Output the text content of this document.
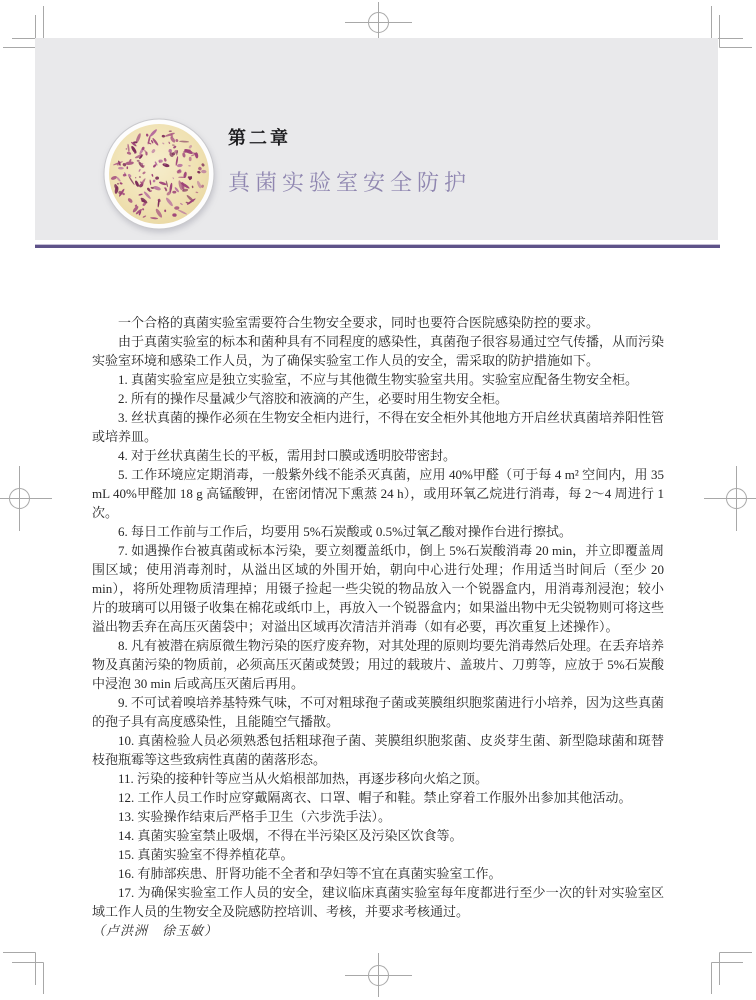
第二章
真菌实验室安全防护

一个合格的真菌实验室需要符合生物安全要求，同时也要符合医院感染防控的要求。

由于真菌实验室的标本和菌种具有不同程度的感染性，真菌孢子很容易通过空气传播，从而污染实验室环境和感染工作人员，为了确保实验室工作人员的安全，需采取的防护措施如下。

1. 真菌实验室应是独立实验室，不应与其他微生物实验室共用。实验室应配备生物安全柜。

2. 所有的操作尽量减少气溶胶和液滴的产生，必要时用生物安全柜。

3. 丝状真菌的操作必须在生物安全柜内进行，不得在安全柜外其他地方开启丝状真菌培养阳性管或培养皿。

4. 对于丝状真菌生长的平板，需用封口膜或透明胶带密封。

5. 工作环境应定期消毒，一般紫外线不能杀灭真菌，应用 40%甲醛（可于每 4 m² 空间内，用 35 mL 40%甲醛加 18 g 高锰酸钾，在密闭情况下熏蒸 24 h），或用环氧乙烷进行消毒，每 2～4 周进行 1 次。

6. 每日工作前与工作后，均要用 5%石炭酸或 0.5%过氧乙酸对操作台进行擦拭。

7. 如遇操作台被真菌或标本污染，要立刻覆盖纸巾，倒上 5%石炭酸消毒 20 min，并立即覆盖周围区域；使用消毒剂时，从溢出区域的外围开始，朝向中心进行处理；作用适当时间后（至少 20 min），将所处理物质清理掉；用镊子捡起一些尖锐的物品放入一个锐器盒内，用消毒剂浸泡；较小片的玻璃可以用镊子收集在棉花或纸巾上，再放入一个锐器盒内；如果溢出物中无尖锐物则可将这些溢出物丢弃在高压灭菌袋中；对溢出区域再次清洁并消毒（如有必要，再次重复上述操作）。

8. 凡有被潜在病原微生物污染的医疗废弃物，对其处理的原则均要先消毒然后处理。在丢弃培养物及真菌污染的物质前，必须高压灭菌或焚毁；用过的载玻片、盖玻片、刀剪等，应放于 5%石炭酸中浸泡 30 min 后或高压灭菌后再用。

9. 不可试着嗅培养基特殊气味，不可对粗球孢子菌或荚膜组织胞浆菌进行小培养，因为这些真菌的孢子具有高度感染性，且能随空气播散。

10. 真菌检验人员必须熟悉包括粗球孢子菌、荚膜组织胞浆菌、皮炎芽生菌、新型隐球菌和斑替枝孢瓶霉等这些致病性真菌的菌落形态。

11. 污染的接种针等应当从火焰根部加热，再逐步移向火焰之顶。

12. 工作人员工作时应穿戴隔离衣、口罩、帽子和鞋。禁止穿着工作服外出参加其他活动。

13. 实验操作结束后严格手卫生（六步洗手法）。

14. 真菌实验室禁止吸烟，不得在半污染区及污染区饮食等。

15. 真菌实验室不得养植花草。

16. 有肺部疾患、肝肾功能不全者和孕妇等不宜在真菌实验室工作。

17. 为确保实验室工作人员的安全，建议临床真菌实验室每年度都进行至少一次的针对实验室区域工作人员的生物安全及院感防控培训、考核，并要求考核通过。

（卢洪洲　徐玉敏）
